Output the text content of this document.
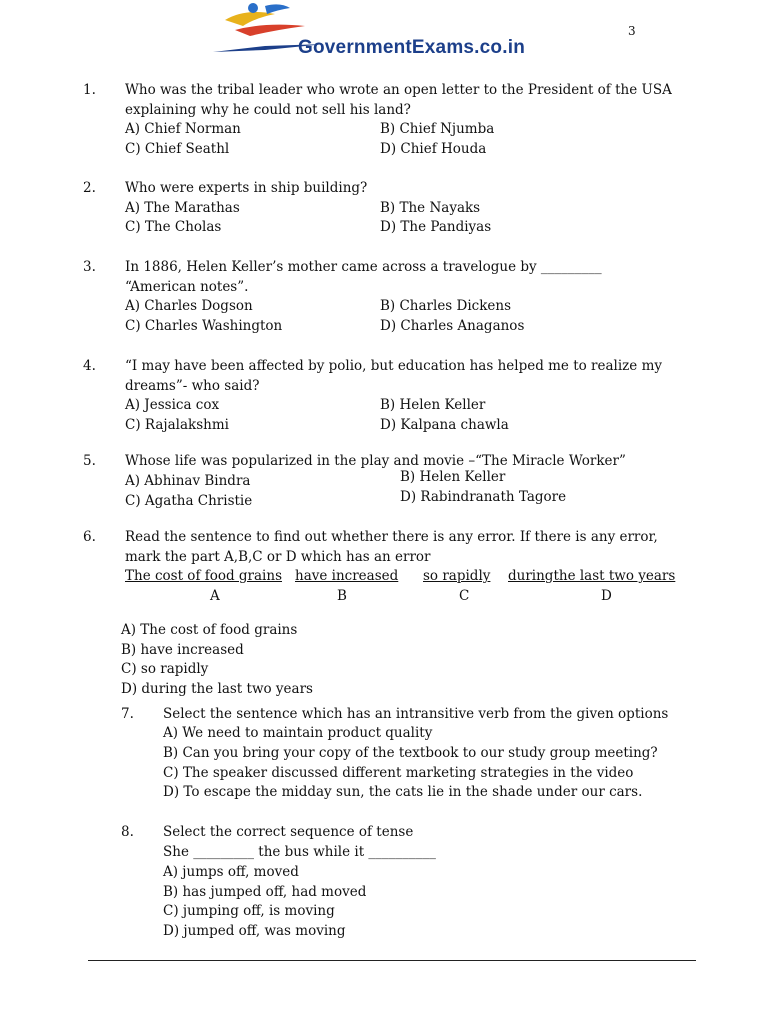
GovernmentExams.co.in
3
1. Who was the tribal leader who wrote an open letter to the President of the USA
explaining why he could not sell his land?
A) Chief Norman	B) Chief Njumba
C) Chief Seathl	D) Chief Houda
2. Who were experts in ship building?
A) The Marathas	B) The Nayaks
C) The Cholas	D) The Pandiyas
3. In 1886, Helen Keller’s mother came across a travelogue by _________
“American notes”.
A) Charles Dogson	B) Charles Dickens
C) Charles Washington	D) Charles Anaganos
4. “I may have been affected by polio, but education has helped me to realize my
dreams”- who said?
A) Jessica cox	B) Helen Keller
C) Rajalakshmi	D) Kalpana chawla
5. Whose life was popularized in the play and movie –“The Miracle Worker”
A) Abhinav Bindra	B) Helen Keller
C) Agatha Christie	D) Rabindranath Tagore
6. Read the sentence to find out whether there is any error. If there is any error,
mark the part A,B,C or D which has an error
The cost of food grains have increased so rapidly duringthe last two years
A	B	C	D
A) The cost of food grains
B) have increased
C) so rapidly
D) during the last two years
7. Select the sentence which has an intransitive verb from the given options
A) We need to maintain product quality
B) Can you bring your copy of the textbook to our study group meeting?
C) The speaker discussed different marketing strategies in the video
D) To escape the midday sun, the cats lie in the shade under our cars.
8. Select the correct sequence of tense
She _________ the bus while it __________
A) jumps off, moved
B) has jumped off, had moved
C) jumping off, is moving
D) jumped off, was moving
